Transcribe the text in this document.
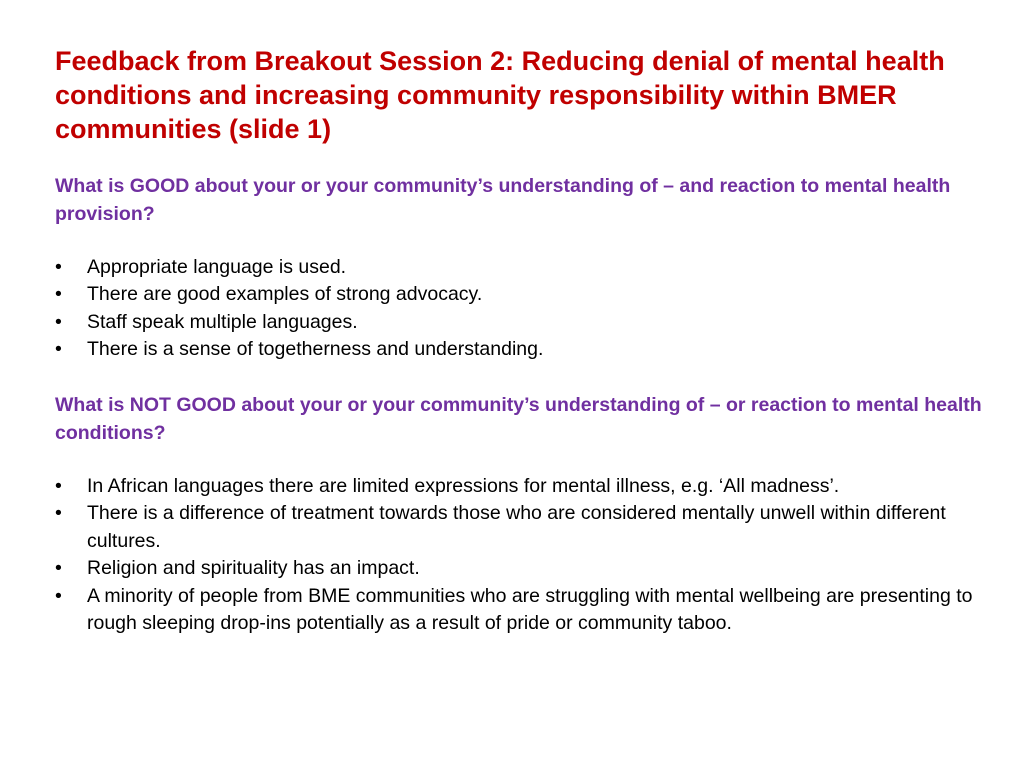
Feedback from Breakout Session 2: Reducing denial of mental health conditions and increasing community responsibility within BMER communities (slide 1)

What is GOOD about your or your community’s understanding of – and reaction to mental health provision?

• Appropriate language is used.
• There are good examples of strong advocacy.
• Staff speak multiple languages.
• There is a sense of togetherness and understanding.

What is NOT GOOD about your or your community’s understanding of – or reaction to mental health conditions?

• In African languages there are limited expressions for mental illness, e.g. ‘All madness’.
• There is a difference of treatment towards those who are considered mentally unwell within different cultures.
• Religion and spirituality has an impact.
• A minority of people from BME communities who are struggling with mental wellbeing are presenting to rough sleeping drop-ins potentially as a result of pride or community taboo.
